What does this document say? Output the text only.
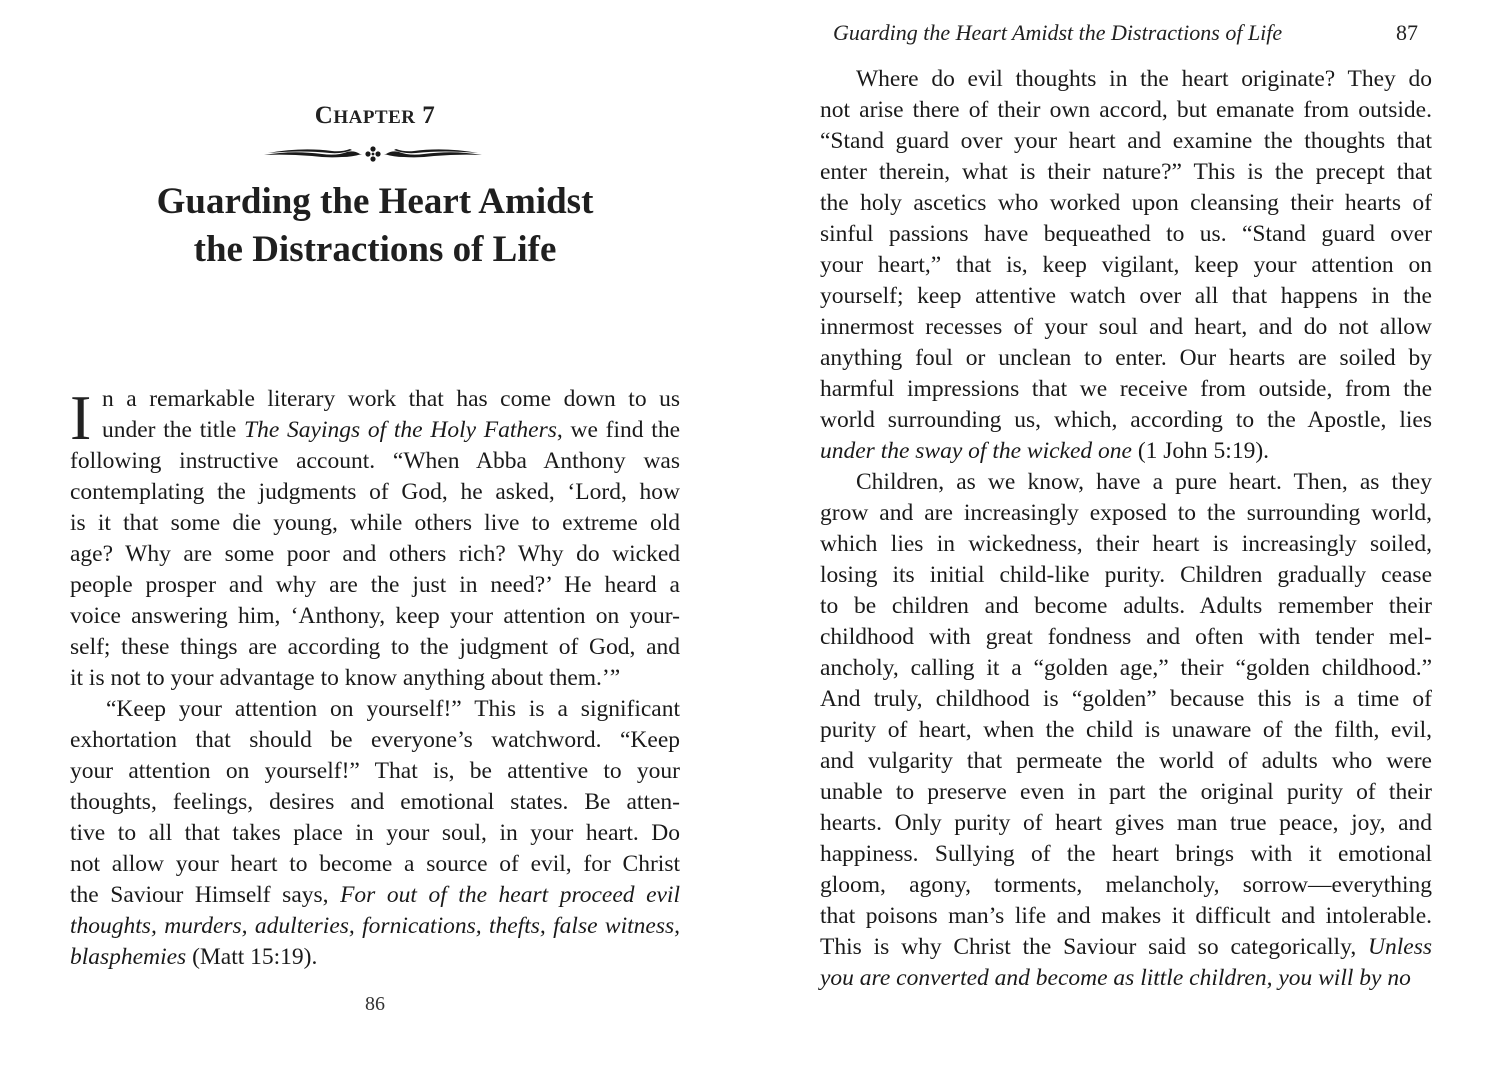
CHAPTER 7
Guarding the Heart Amidst
the Distractions of Life
I n a remarkable literary work that has come down to us
under the title The Sayings of the Holy Fathers, we find the
following instructive account. “When Abba Anthony was
contemplating the judgments of God, he asked, ‘Lord, how
is it that some die young, while others live to extreme old
age? Why are some poor and others rich? Why do wicked
people prosper and why are the just in need?’ He heard a
voice answering him, ‘Anthony, keep your attention on your-
self; these things are according to the judgment of God, and
it is not to your advantage to know anything about them.’”
“Keep your attention on yourself!” This is a significant
exhortation that should be everyone’s watchword. “Keep
your attention on yourself!” That is, be attentive to your
thoughts, feelings, desires and emotional states. Be atten-
tive to all that takes place in your soul, in your heart. Do
not allow your heart to become a source of evil, for Christ
the Saviour Himself says, For out of the heart proceed evil
thoughts, murders, adulteries, fornications, thefts, false witness,
blasphemies (Matt 15:19).
86
Guarding the Heart Amidst the Distractions of Life	87
Where do evil thoughts in the heart originate? They do
not arise there of their own accord, but emanate from outside.
“Stand guard over your heart and examine the thoughts that
enter therein, what is their nature?” This is the precept that
the holy ascetics who worked upon cleansing their hearts of
sinful passions have bequeathed to us. “Stand guard over
your heart,” that is, keep vigilant, keep your attention on
yourself; keep attentive watch over all that happens in the
innermost recesses of your soul and heart, and do not allow
anything foul or unclean to enter. Our hearts are soiled by
harmful impressions that we receive from outside, from the
world surrounding us, which, according to the Apostle, lies
under the sway of the wicked one (1 John 5:19).
Children, as we know, have a pure heart. Then, as they
grow and are increasingly exposed to the surrounding world,
which lies in wickedness, their heart is increasingly soiled,
losing its initial child-like purity. Children gradually cease
to be children and become adults. Adults remember their
childhood with great fondness and often with tender mel-
ancholy, calling it a “golden age,” their “golden childhood.”
And truly, childhood is “golden” because this is a time of
purity of heart, when the child is unaware of the filth, evil,
and vulgarity that permeate the world of adults who were
unable to preserve even in part the original purity of their
hearts. Only purity of heart gives man true peace, joy, and
happiness. Sullying of the heart brings with it emotional
gloom, agony, torments, melancholy, sorrow—everything
that poisons man’s life and makes it difficult and intolerable.
This is why Christ the Saviour said so categorically, Unless
you are converted and become as little children, you will by no
